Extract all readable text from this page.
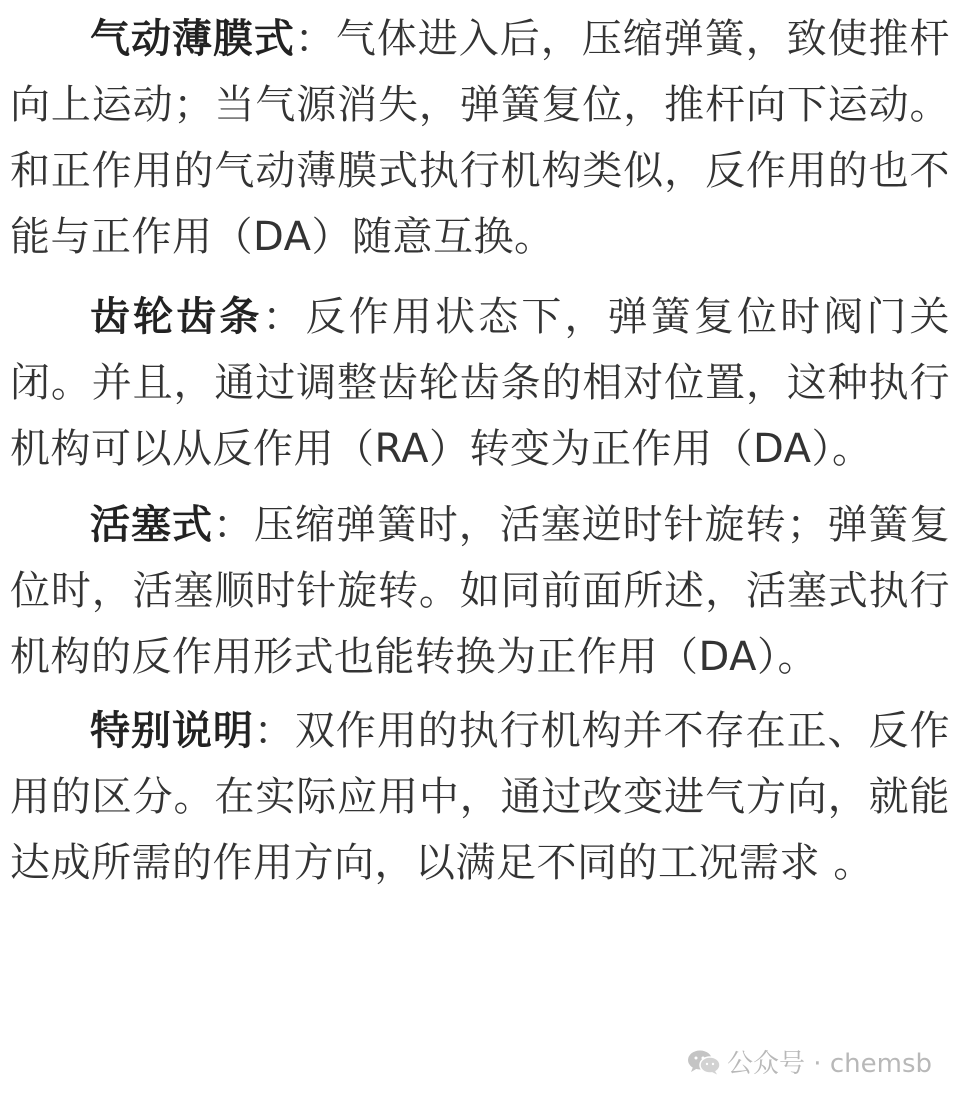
气动薄膜式：气体进入后，压缩弹簧，致使推杆向上运动；当气源消失，弹簧复位，推杆向下运动。和正作用的气动薄膜式执行机构类似，反作用的也不能与正作用（DA）随意互换。

齿轮齿条：反作用状态下，弹簧复位时阀门关闭。并且，通过调整齿轮齿条的相对位置，这种执行机构可以从反作用（RA）转变为正作用（DA）。

活塞式：压缩弹簧时，活塞逆时针旋转；弹簧复位时，活塞顺时针旋转。如同前面所述，活塞式执行机构的反作用形式也能转换为正作用（DA）。

特别说明：双作用的执行机构并不存在正、反作用的区分。在实际应用中，通过改变进气方向，就能达成所需的作用方向，以满足不同的工况需求 。

公众号 · chemsb
